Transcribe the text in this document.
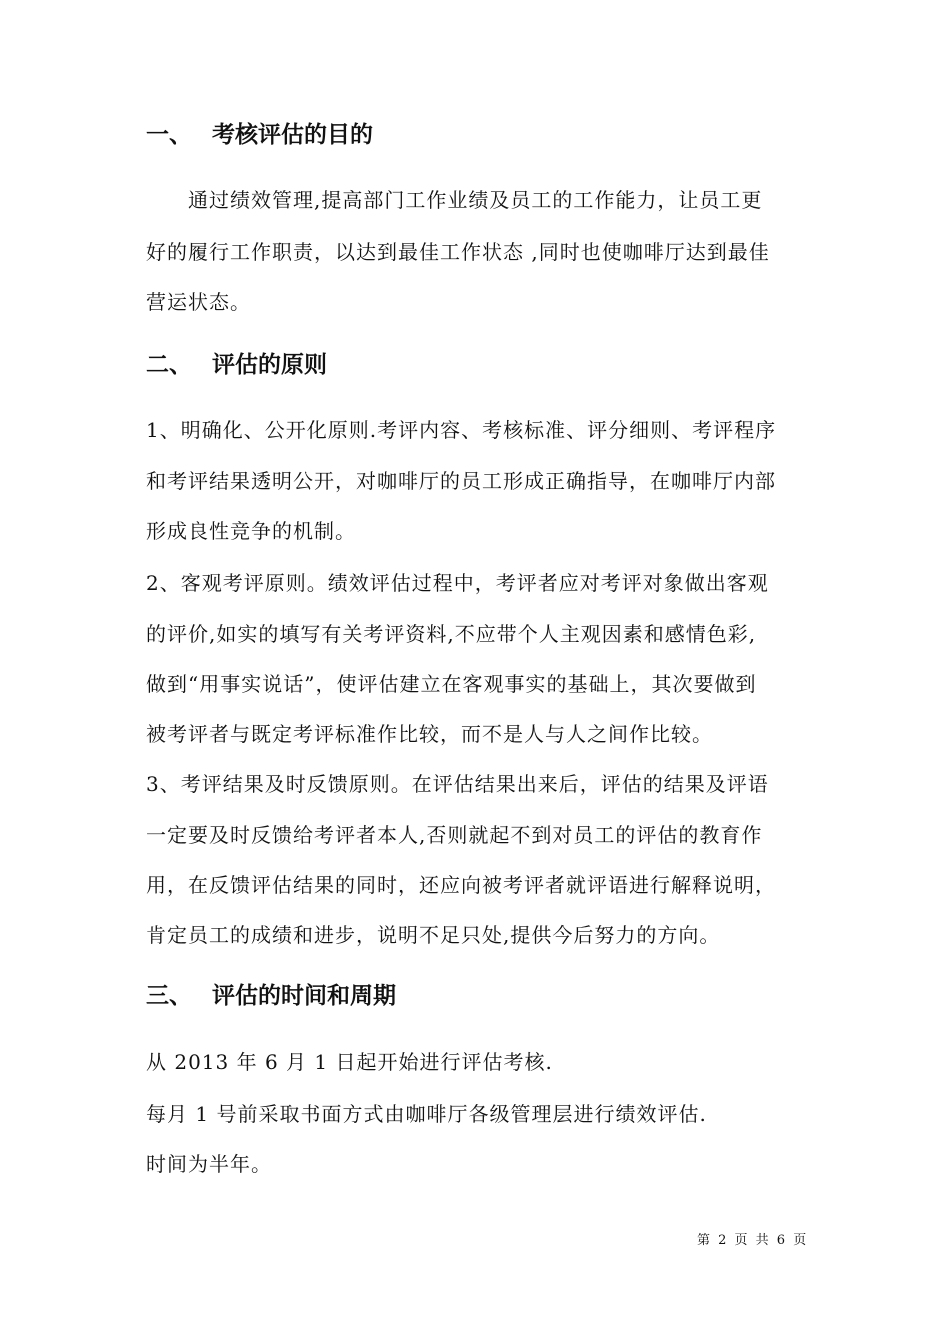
一、 考核评估的目的
通过绩效管理,提高部门工作业绩及员工的工作能力，让员工更
好的履行工作职责，以达到最佳工作状态 ,同时也使咖啡厅达到最佳
营运状态。
二、 评估的原则
1、明确化、公开化原则.考评内容、考核标准、评分细则、考评程序
和考评结果透明公开，对咖啡厅的员工形成正确指导，在咖啡厅内部
形成良性竞争的机制。
2、客观考评原则。绩效评估过程中，考评者应对考评对象做出客观
的评价,如实的填写有关考评资料,不应带个人主观因素和感情色彩,
做到“用事实说话”，使评估建立在客观事实的基础上，其次要做到
被考评者与既定考评标准作比较，而不是人与人之间作比较。
3、考评结果及时反馈原则。在评估结果出来后，评估的结果及评语
一定要及时反馈给考评者本人,否则就起不到对员工的评估的教育作
用，在反馈评估结果的同时，还应向被考评者就评语进行解释说明，
肯定员工的成绩和进步，说明不足只处,提供今后努力的方向。
三、 评估的时间和周期
从 2013 年 6 月 1 日起开始进行评估考核.
每月 1 号前采取书面方式由咖啡厅各级管理层进行绩效评估.
时间为半年。
第 2 页 共 6 页
